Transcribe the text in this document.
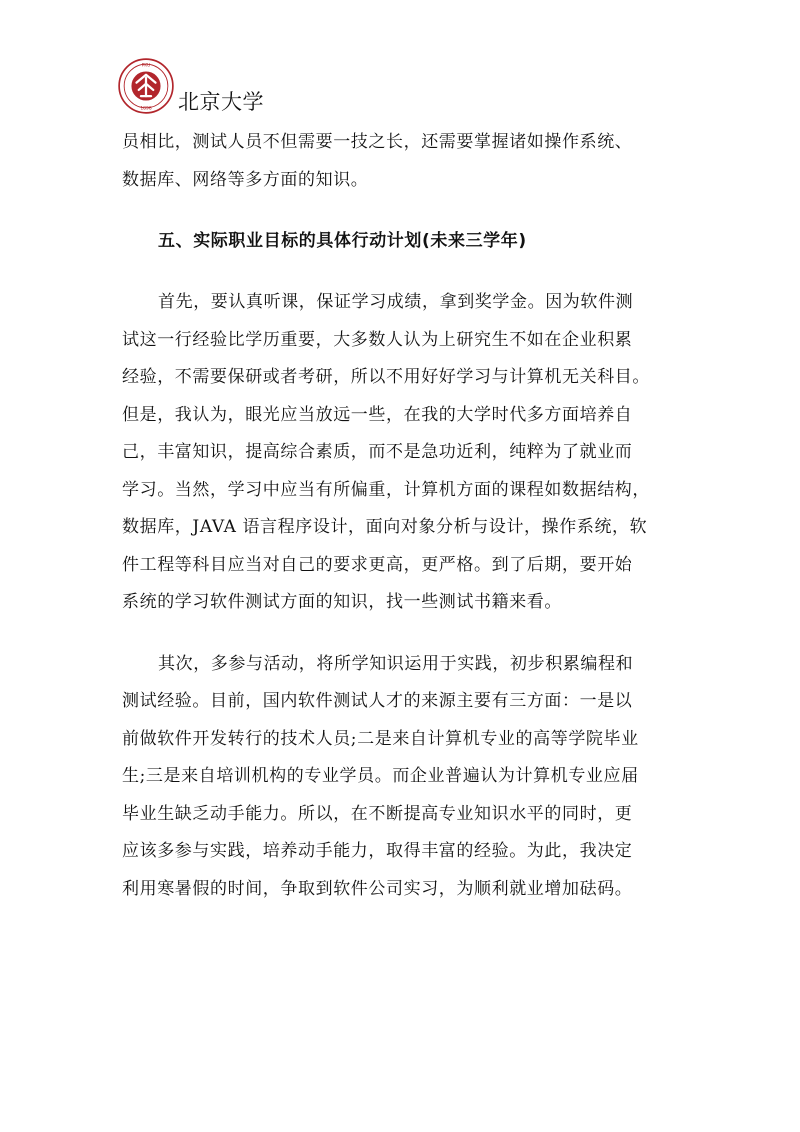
PKU
1898 北京大学
员相比，测试人员不但需要一技之长，还需要掌握诸如操作系统、
数据库、网络等多方面的知识。
五、实际职业目标的具体行动计划(未来三学年)
首先，要认真听课，保证学习成绩，拿到奖学金。因为软件测
试这一行经验比学历重要，大多数人认为上研究生不如在企业积累
经验，不需要保研或者考研，所以不用好好学习与计算机无关科目。
但是，我认为，眼光应当放远一些，在我的大学时代多方面培养自
己，丰富知识，提高综合素质，而不是急功近利，纯粹为了就业而
学习。当然，学习中应当有所偏重，计算机方面的课程如数据结构，
数据库，JAVA 语言程序设计，面向对象分析与设计，操作系统，软
件工程等科目应当对自己的要求更高，更严格。到了后期，要开始
系统的学习软件测试方面的知识，找一些测试书籍来看。
其次，多参与活动，将所学知识运用于实践，初步积累编程和
测试经验。目前，国内软件测试人才的来源主要有三方面：一是以
前做软件开发转行的技术人员;二是来自计算机专业的高等学院毕业
生;三是来自培训机构的专业学员。而企业普遍认为计算机专业应届
毕业生缺乏动手能力。所以，在不断提高专业知识水平的同时，更
应该多参与实践，培养动手能力，取得丰富的经验。为此，我决定
利用寒暑假的时间，争取到软件公司实习，为顺利就业增加砝码。
